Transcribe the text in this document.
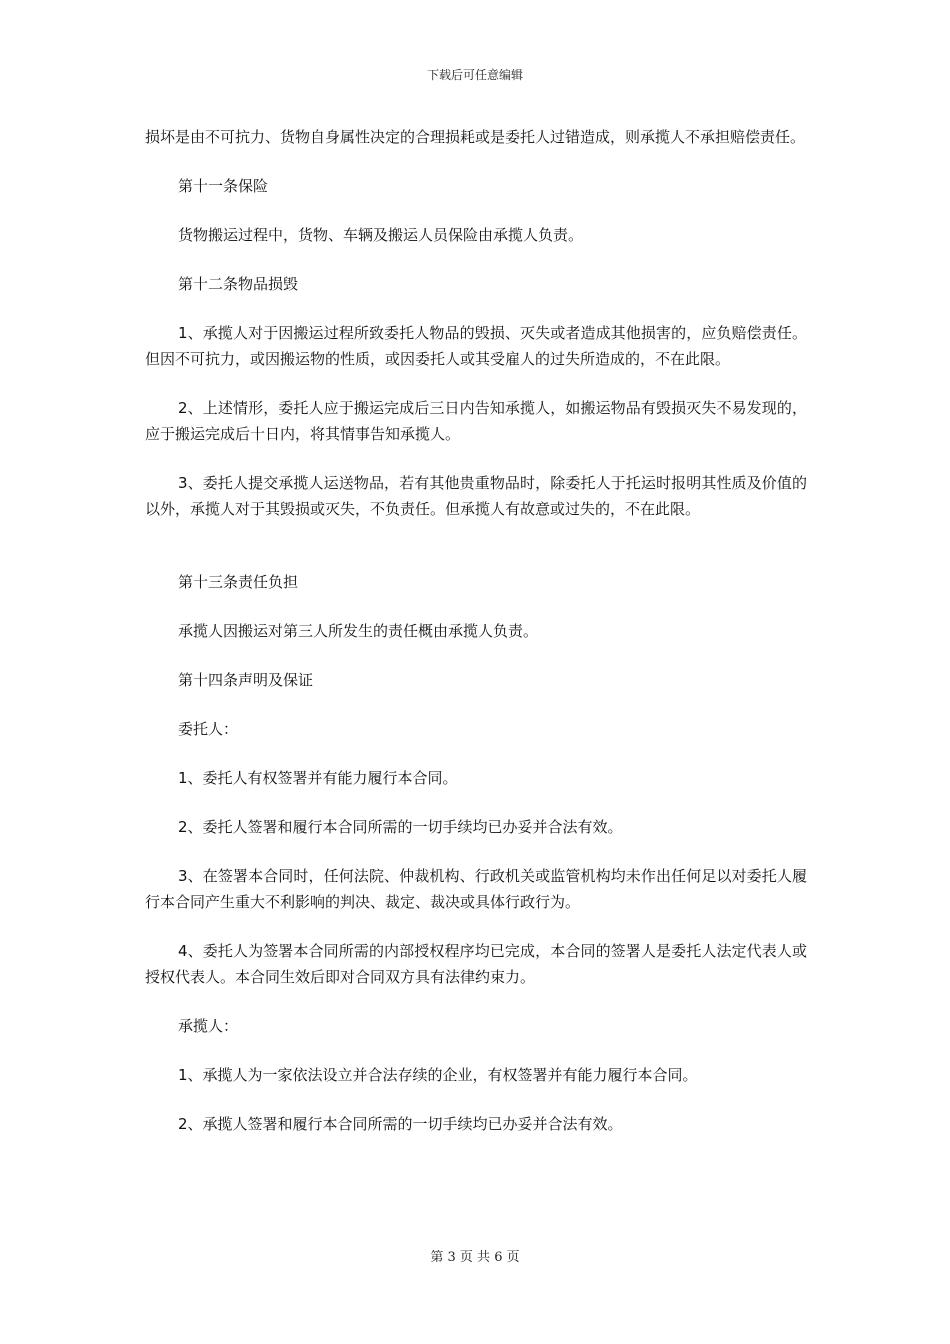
下载后可任意编辑

损坏是由不可抗力、货物自身属性决定的合理损耗或是委托人过错造成，则承揽人不承担赔偿责任。

第十一条保险

货物搬运过程中，货物、车辆及搬运人员保险由承揽人负责。

第十二条物品损毁

1、承揽人对于因搬运过程所致委托人物品的毁损、灭失或者造成其他损害的，应负赔偿责任。但因不可抗力，或因搬运物的性质，或因委托人或其受雇人的过失所造成的，不在此限。

2、上述情形，委托人应于搬运完成后三日内告知承揽人，如搬运物品有毁损灭失不易发现的，应于搬运完成后十日内，将其情事告知承揽人。

3、委托人提交承揽人运送物品，若有其他贵重物品时，除委托人于托运时报明其性质及价值的以外，承揽人对于其毁损或灭失，不负责任。但承揽人有故意或过失的，不在此限。

第十三条责任负担

承揽人因搬运对第三人所发生的责任概由承揽人负责。

第十四条声明及保证

委托人：

1、委托人有权签署并有能力履行本合同。

2、委托人签署和履行本合同所需的一切手续均已办妥并合法有效。

3、在签署本合同时，任何法院、仲裁机构、行政机关或监管机构均未作出任何足以对委托人履行本合同产生重大不利影响的判决、裁定、裁决或具体行政行为。

4、委托人为签署本合同所需的内部授权程序均已完成，本合同的签署人是委托人法定代表人或授权代表人。本合同生效后即对合同双方具有法律约束力。

承揽人：

1、承揽人为一家依法设立并合法存续的企业，有权签署并有能力履行本合同。

2、承揽人签署和履行本合同所需的一切手续均已办妥并合法有效。

第 3 页 共 6 页
